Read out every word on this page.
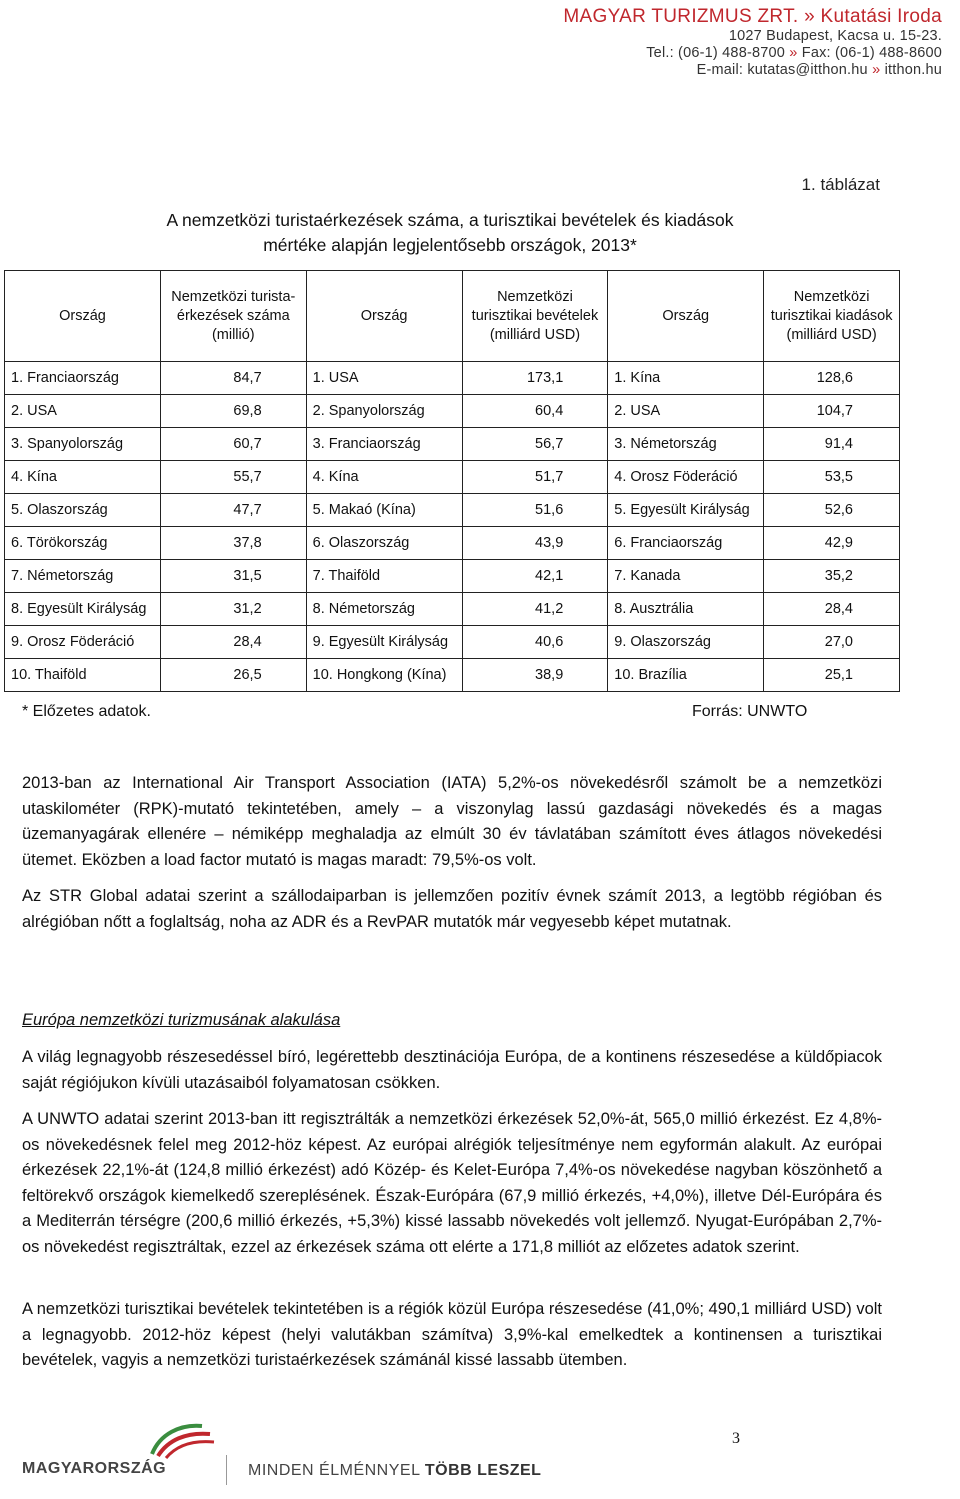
MAGYAR TURIZMUS ZRT. » Kutatási Iroda
1027 Budapest, Kacsa u. 15-23.
Tel.: (06-1) 488-8700 » Fax: (06-1) 488-8600
E-mail: kutatas@itthon.hu » itthon.hu
1. táblázat
A nemzetközi turistaérkezések száma, a turisztikai bevételek és kiadások
mértéke alapján legjelentősebb országok, 2013*
Ország	Nemzetközi turista-érkezések száma (millió)	Ország	Nemzetközi turisztikai bevételek (milliárd USD)	Ország	Nemzetközi turisztikai kiadások (milliárd USD)
1. Franciaország	84,7	1. USA	173,1	1. Kína	128,6
2. USA	69,8	2. Spanyolország	60,4	2. USA	104,7
3. Spanyolország	60,7	3. Franciaország	56,7	3. Németország	91,4
4. Kína	55,7	4. Kína	51,7	4. Orosz Föderáció	53,5
5. Olaszország	47,7	5. Makaó (Kína)	51,6	5. Egyesült Királyság	52,6
6. Törökország	37,8	6. Olaszország	43,9	6. Franciaország	42,9
7. Németország	31,5	7. Thaiföld	42,1	7. Kanada	35,2
8. Egyesült Királyság	31,2	8. Németország	41,2	8. Ausztrália	28,4
9. Orosz Föderáció	28,4	9. Egyesült Királyság	40,6	9. Olaszország	27,0
10. Thaiföld	26,5	10. Hongkong (Kína)	38,9	10. Brazília	25,1
* Előzetes adatok.	Forrás: UNWTO
2013-ban az International Air Transport Association (IATA) 5,2%-os növekedésről számolt be a nemzetközi utaskilométer (RPK)-mutató tekintetében, amely – a viszonylag lassú gazdasági növekedés és a magas üzemanyagárak ellenére – némiképp meghaladja az elmúlt 30 év távlatában számított éves átlagos növekedési ütemet. Eközben a load factor mutató is magas maradt: 79,5%-os volt.
Az STR Global adatai szerint a szállodaiparban is jellemzően pozitív évnek számít 2013, a legtöbb régióban és alrégióban nőtt a foglaltság, noha az ADR és a RevPAR mutatók már vegyesebb képet mutatnak.
Európa nemzetközi turizmusának alakulása
A világ legnagyobb részesedéssel bíró, legérettebb desztinációja Európa, de a kontinens részesedése a küldőpiacok saját régiójukon kívüli utazásaiból folyamatosan csökken.
A UNWTO adatai szerint 2013-ban itt regisztrálták a nemzetközi érkezések 52,0%-át, 565,0 millió érkezést. Ez 4,8%-os növekedésnek felel meg 2012-höz képest. Az európai alrégiók teljesítménye nem egyformán alakult. Az európai érkezések 22,1%-át (124,8 millió érkezést) adó Közép- és Kelet-Európa 7,4%-os növekedése nagyban köszönhető a feltörekvő országok kiemelkedő szereplésének. Észak-Európára (67,9 millió érkezés, +4,0%), illetve Dél-Európára és a Mediterrán térségre (200,6 millió érkezés, +5,3%) kissé lassabb növekedés volt jellemző. Nyugat-Európában 2,7%-os növekedést regisztráltak, ezzel az érkezések száma ott elérte a 171,8 milliót az előzetes adatok szerint.
A nemzetközi turisztikai bevételek tekintetében is a régiók közül Európa részesedése (41,0%; 490,1 milliárd USD) volt a legnagyobb. 2012-höz képest (helyi valutákban számítva) 3,9%-kal emelkedtek a kontinensen a turisztikai bevételek, vagyis a nemzetközi turistaérkezések számánál kissé lassabb ütemben.
3
MAGYARORSZÁG	MINDEN ÉLMÉNNYEL TÖBB LESZEL
